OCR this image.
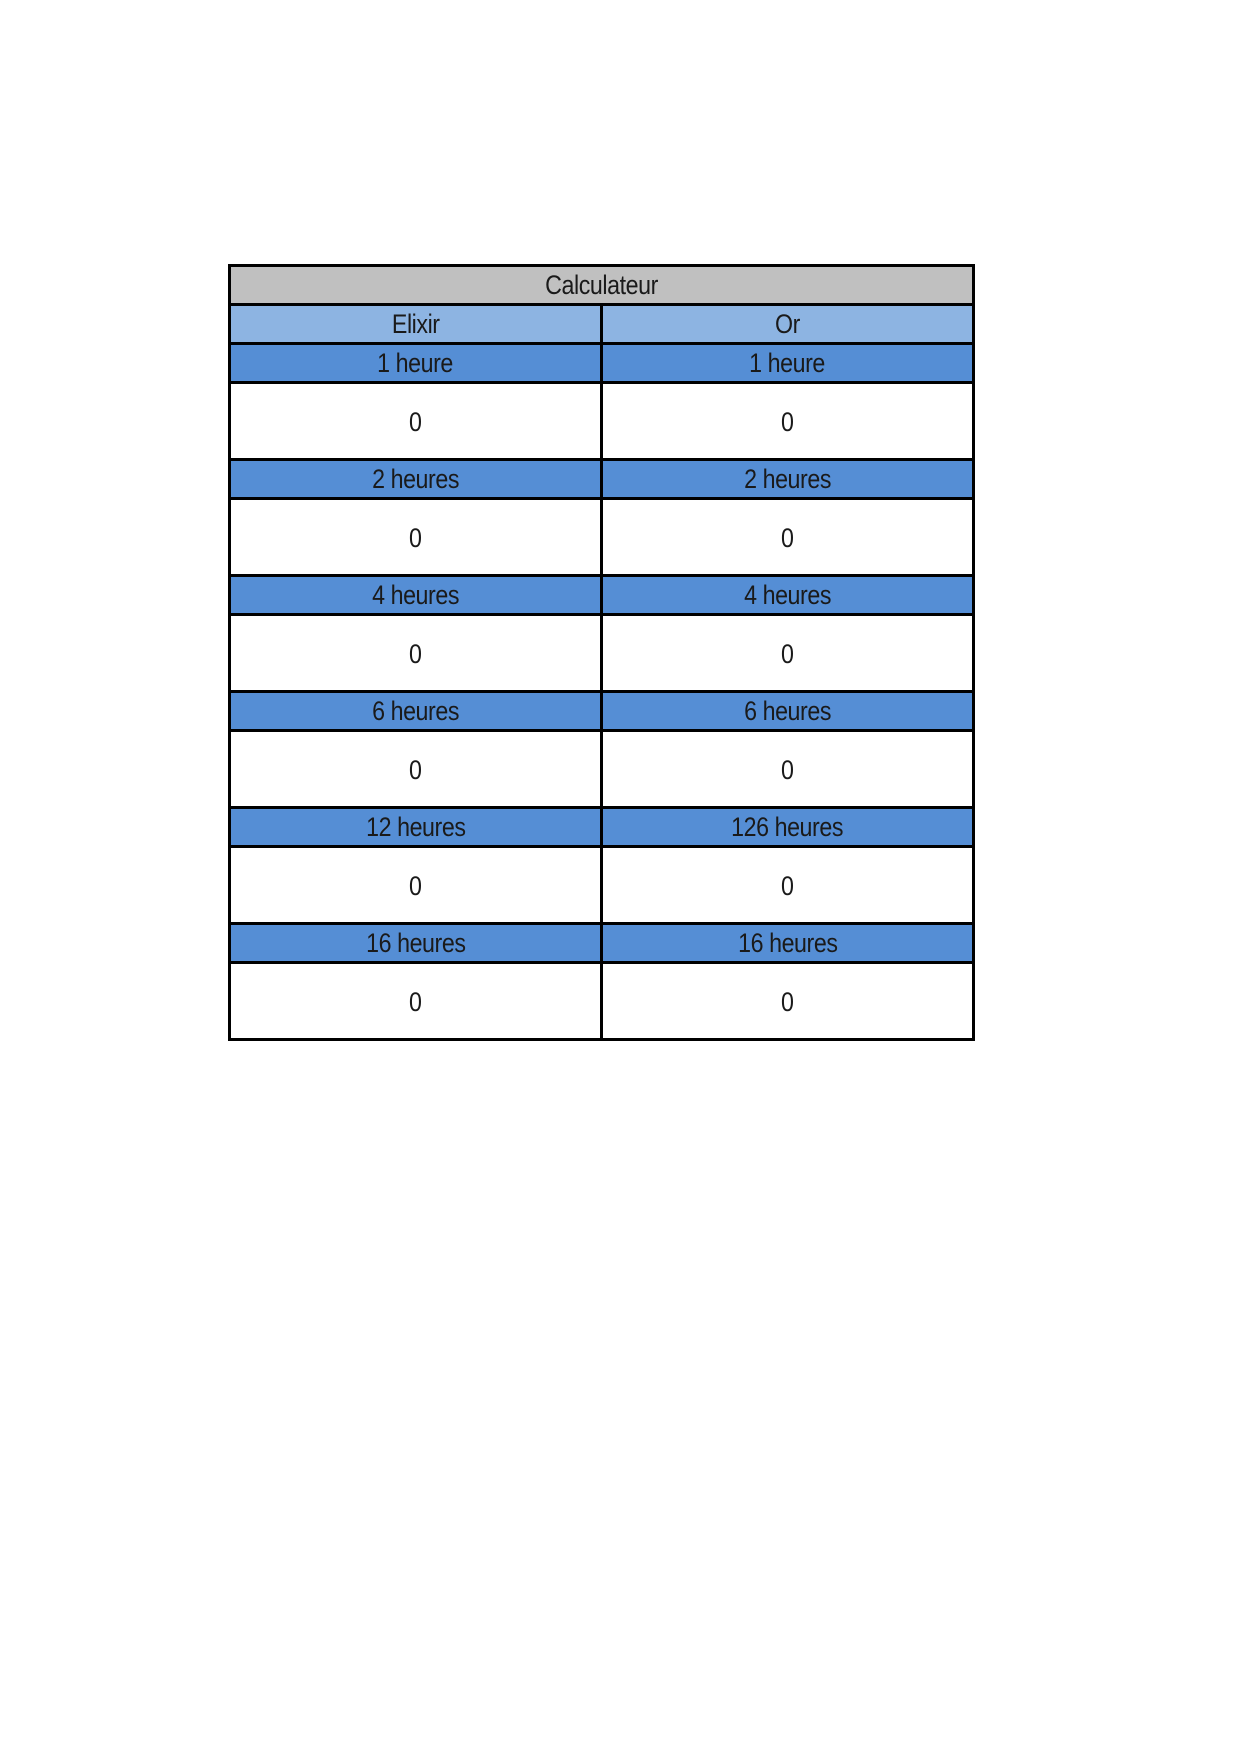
Calculateur
Elixir	Or
1 heure	1 heure
0	0
2 heures	2 heures
0	0
4 heures	4 heures
0	0
6 heures	6 heures
0	0
12 heures	126 heures
0	0
16 heures	16 heures
0	0
